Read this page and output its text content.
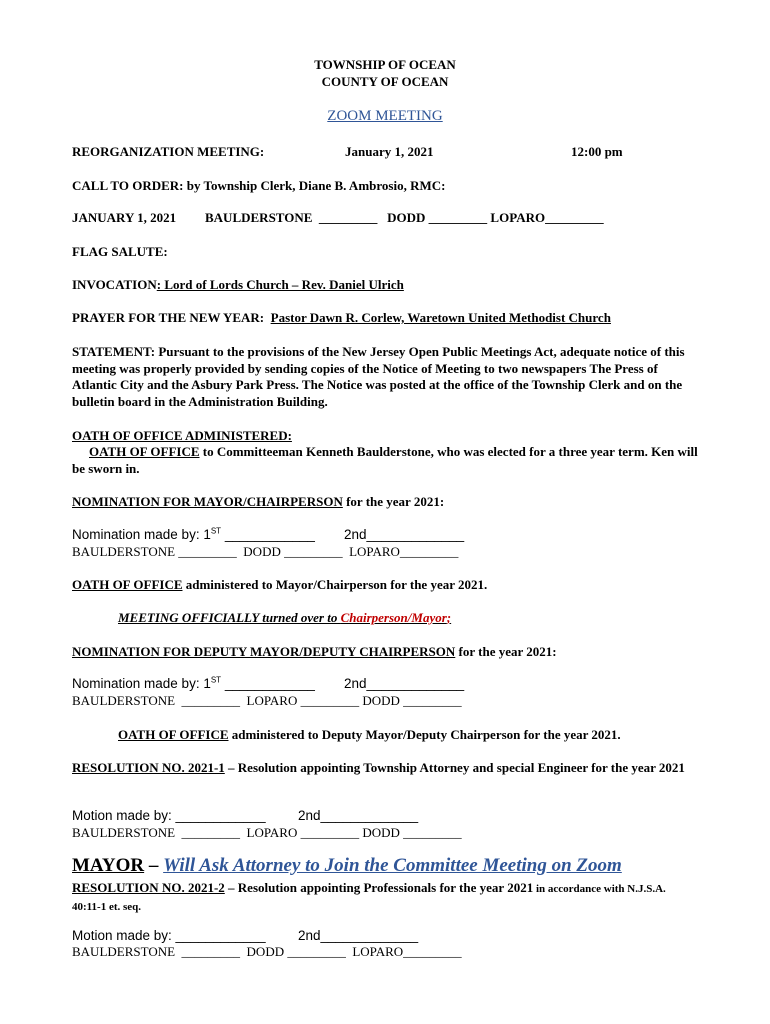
TOWNSHIP OF OCEAN
COUNTY OF OCEAN
ZOOM MEETING
REORGANIZATION MEETING:	January 1, 2021	12:00 pm
CALL TO ORDER: by Township Clerk, Diane B. Ambrosio, RMC:
JANUARY 1, 2021 BAULDERSTONE  _________   DODD _________ LOPARO_________
FLAG SALUTE:
INVOCATION: Lord of Lords Church – Rev. Daniel Ulrich
PRAYER FOR THE NEW YEAR: Pastor Dawn R. Corlew, Waretown United Methodist Church
STATEMENT: Pursuant to the provisions of the New Jersey Open Public Meetings Act, adequate notice of this meeting was properly provided by sending copies of the Notice of Meeting to two newspapers The Press of Atlantic City and the Asbury Park Press. The Notice was posted at the office of the Township Clerk and on the bulletin board in the Administration Building.
OATH OF OFFICE ADMINISTERED:
OATH OF OFFICE to Committeeman Kenneth Baulderstone, who was elected for a three year term. Ken will be sworn in.
NOMINATION FOR MAYOR/CHAIRPERSON for the year 2021:
Nomination made by: 1ST ____________ 2nd_____________
BAULDERSTONE _________  DODD _________  LOPARO_________
OATH OF OFFICE administered to Mayor/Chairperson for the year 2021.
MEETING OFFICIALLY turned over to Chairperson/Mayor;
NOMINATION FOR DEPUTY MAYOR/DEPUTY CHAIRPERSON for the year 2021:
Nomination made by: 1ST ____________ 2nd_____________
BAULDERSTONE  _________  LOPARO _________ DODD _________
OATH OF OFFICE administered to Deputy Mayor/Deputy Chairperson for the year 2021.
RESOLUTION NO. 2021-1 – Resolution appointing Township Attorney and special Engineer for the year 2021
Motion made by: ____________ 2nd_____________
BAULDERSTONE  _________  LOPARO _________ DODD _________
MAYOR – Will Ask Attorney to Join the Committee Meeting on Zoom
RESOLUTION NO. 2021-2 – Resolution appointing Professionals for the year 2021 in accordance with N.J.S.A. 40:11-1 et. seq.
Motion made by: ____________ 2nd_____________
BAULDERSTONE  _________  DODD _________  LOPARO_________
